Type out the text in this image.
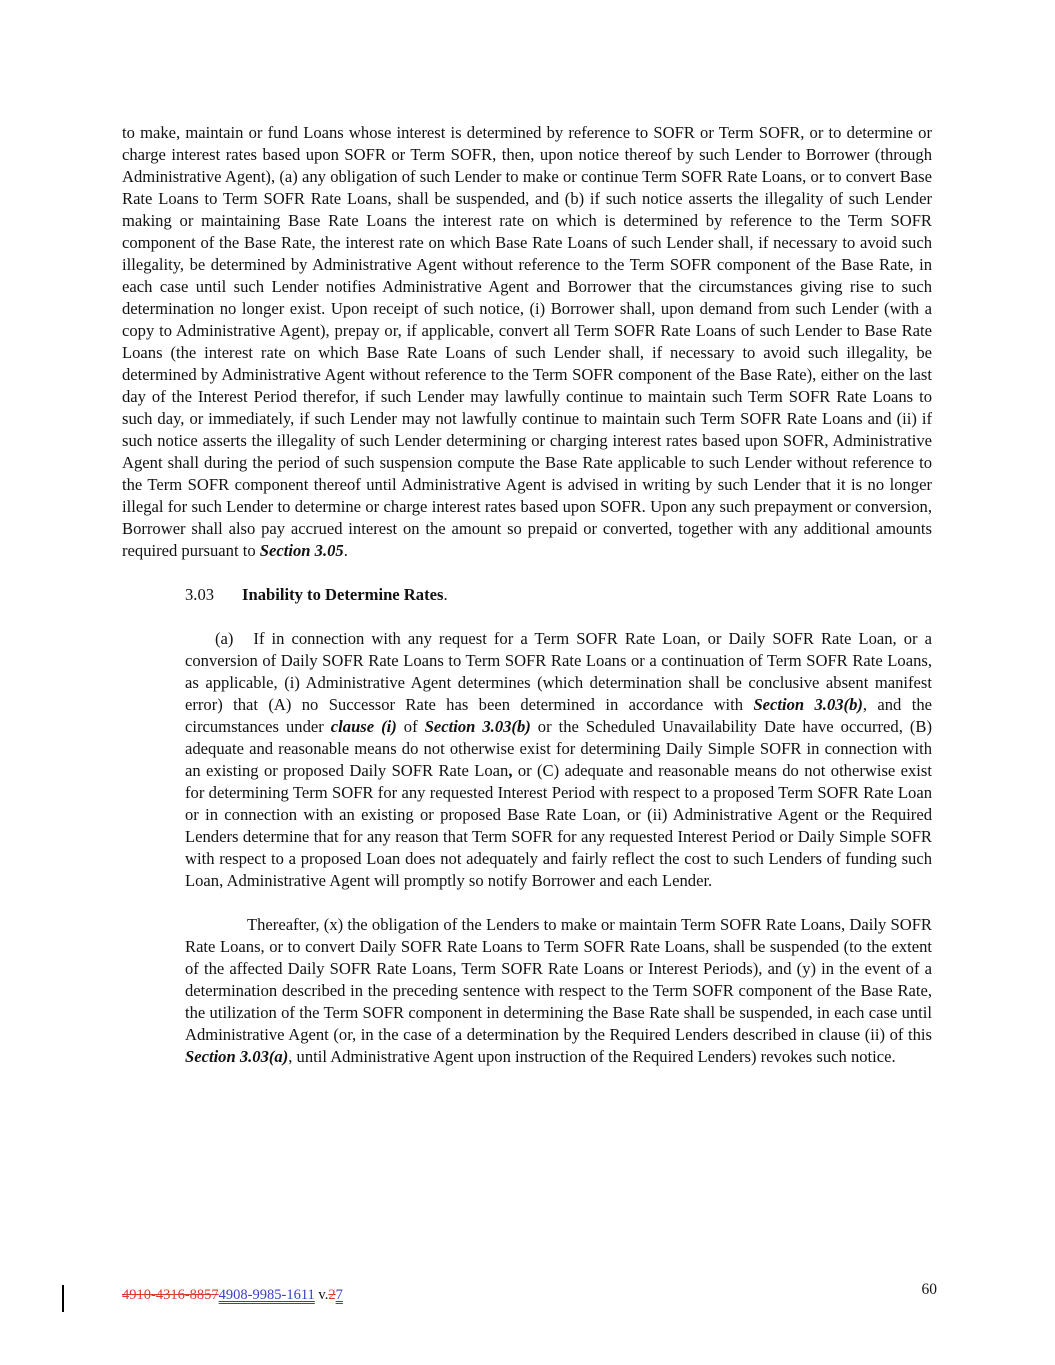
to make, maintain or fund Loans whose interest is determined by reference to SOFR or Term SOFR, or to determine or charge interest rates based upon SOFR or Term SOFR, then, upon notice thereof by such Lender to Borrower (through Administrative Agent), (a) any obligation of such Lender to make or continue Term SOFR Rate Loans, or to convert Base Rate Loans to Term SOFR Rate Loans, shall be suspended, and (b) if such notice asserts the illegality of such Lender making or maintaining Base Rate Loans the interest rate on which is determined by reference to the Term SOFR component of the Base Rate, the interest rate on which Base Rate Loans of such Lender shall, if necessary to avoid such illegality, be determined by Administrative Agent without reference to the Term SOFR component of the Base Rate, in each case until such Lender notifies Administrative Agent and Borrower that the circumstances giving rise to such determination no longer exist. Upon receipt of such notice, (i) Borrower shall, upon demand from such Lender (with a copy to Administrative Agent), prepay or, if applicable, convert all Term SOFR Rate Loans of such Lender to Base Rate Loans (the interest rate on which Base Rate Loans of such Lender shall, if necessary to avoid such illegality, be determined by Administrative Agent without reference to the Term SOFR component of the Base Rate), either on the last day of the Interest Period therefor, if such Lender may lawfully continue to maintain such Term SOFR Rate Loans to such day, or immediately, if such Lender may not lawfully continue to maintain such Term SOFR Rate Loans and (ii) if such notice asserts the illegality of such Lender determining or charging interest rates based upon SOFR, Administrative Agent shall during the period of such suspension compute the Base Rate applicable to such Lender without reference to the Term SOFR component thereof until Administrative Agent is advised in writing by such Lender that it is no longer illegal for such Lender to determine or charge interest rates based upon SOFR. Upon any such prepayment or conversion, Borrower shall also pay accrued interest on the amount so prepaid or converted, together with any additional amounts required pursuant to Section 3.05.

3.03 Inability to Determine Rates.

(a) If in connection with any request for a Term SOFR Rate Loan, or Daily SOFR Rate Loan, or a conversion of Daily SOFR Rate Loans to Term SOFR Rate Loans or a continuation of Term SOFR Rate Loans, as applicable, (i) Administrative Agent determines (which determination shall be conclusive absent manifest error) that (A) no Successor Rate has been determined in accordance with Section 3.03(b), and the circumstances under clause (i) of Section 3.03(b) or the Scheduled Unavailability Date have occurred, (B) adequate and reasonable means do not otherwise exist for determining Daily Simple SOFR in connection with an existing or proposed Daily SOFR Rate Loan, or (C) adequate and reasonable means do not otherwise exist for determining Term SOFR for any requested Interest Period with respect to a proposed Term SOFR Rate Loan or in connection with an existing or proposed Base Rate Loan, or (ii) Administrative Agent or the Required Lenders determine that for any reason that Term SOFR for any requested Interest Period or Daily Simple SOFR with respect to a proposed Loan does not adequately and fairly reflect the cost to such Lenders of funding such Loan, Administrative Agent will promptly so notify Borrower and each Lender.

Thereafter, (x) the obligation of the Lenders to make or maintain Term SOFR Rate Loans, Daily SOFR Rate Loans, or to convert Daily SOFR Rate Loans to Term SOFR Rate Loans, shall be suspended (to the extent of the affected Daily SOFR Rate Loans, Term SOFR Rate Loans or Interest Periods), and (y) in the event of a determination described in the preceding sentence with respect to the Term SOFR component of the Base Rate, the utilization of the Term SOFR component in determining the Base Rate shall be suspended, in each case until Administrative Agent (or, in the case of a determination by the Required Lenders described in clause (ii) of this Section 3.03(a), until Administrative Agent upon instruction of the Required Lenders) revokes such notice.

4910-4316-88574908-9985-1611 v.27	60
